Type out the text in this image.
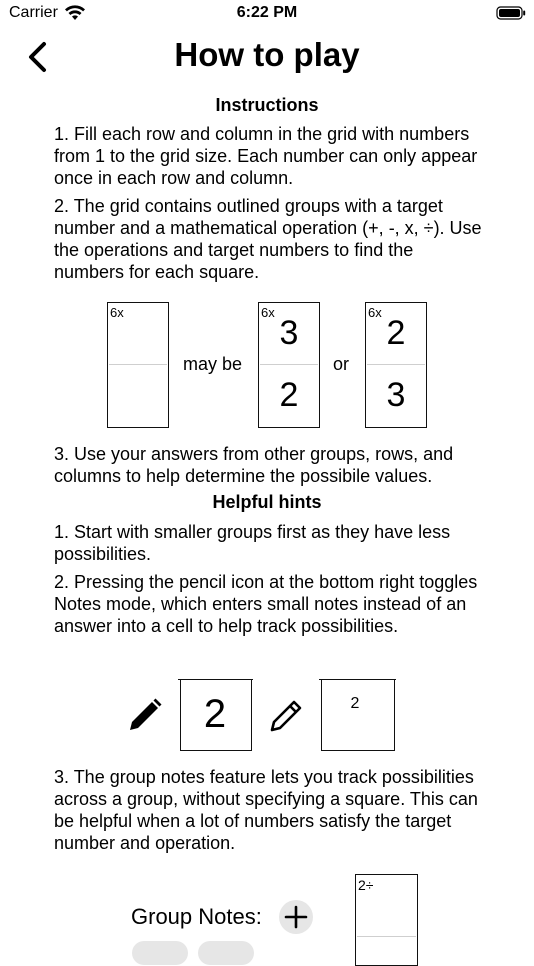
Carrier	6:22 PM
How to play
Instructions
1. Fill each row and column in the grid with numbers from 1 to the grid size. Each number can only appear once in each row and column.
2. The grid contains outlined groups with a target number and a mathematical operation (+, -, x, ÷). Use the operations and target numbers to find the numbers for each square.
6x
may be
6x
3
2
or
6x
2
3
3. Use your answers from other groups, rows, and columns to help determine the possibile values.
Helpful hints
1. Start with smaller groups first as they have less possibilities.
2. Pressing the pencil icon at the bottom right toggles Notes mode, which enters small notes instead of an answer into a cell to help track possibilities.
2	2
3. The group notes feature lets you track possibilities across a group, without specifying a square. This can be helpful when a lot of numbers satisfy the target number and operation.
Group Notes:
2÷
